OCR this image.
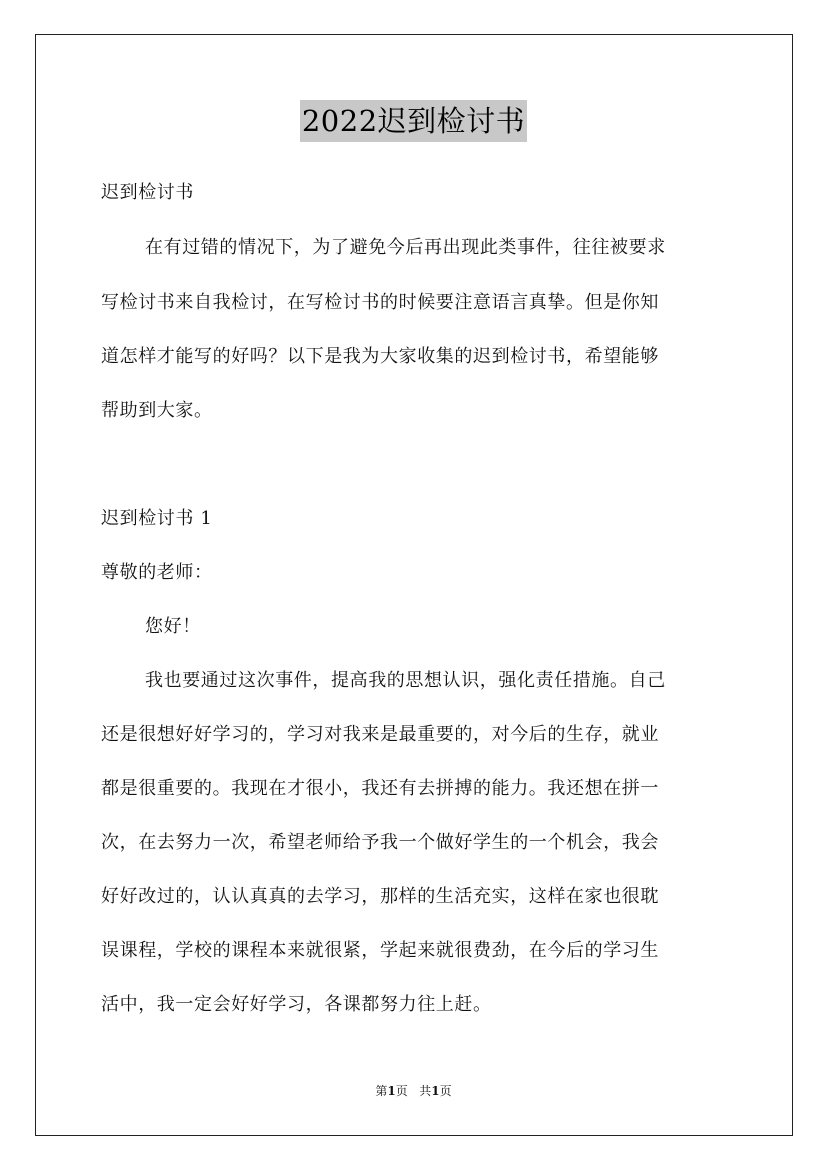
2022迟到检讨书
迟到检讨书
在有过错的情况下，为了避免今后再出现此类事件，往往被要求
写检讨书来自我检讨，在写检讨书的时候要注意语言真挚。但是你知
道怎样才能写的好吗？以下是我为大家收集的迟到检讨书，希望能够
帮助到大家。
迟到检讨书 1
尊敬的老师：
您好！
我也要通过这次事件，提高我的思想认识，强化责任措施。自己
还是很想好好学习的，学习对我来是最重要的，对今后的生存，就业
都是很重要的。我现在才很小，我还有去拼搏的能力。我还想在拼一
次，在去努力一次，希望老师给予我一个做好学生的一个机会，我会
好好改过的，认认真真的去学习，那样的生活充实，这样在家也很耽
误课程，学校的课程本来就很紧，学起来就很费劲，在今后的学习生
活中，我一定会好好学习，各课都努力往上赶。
第1页 共1页
